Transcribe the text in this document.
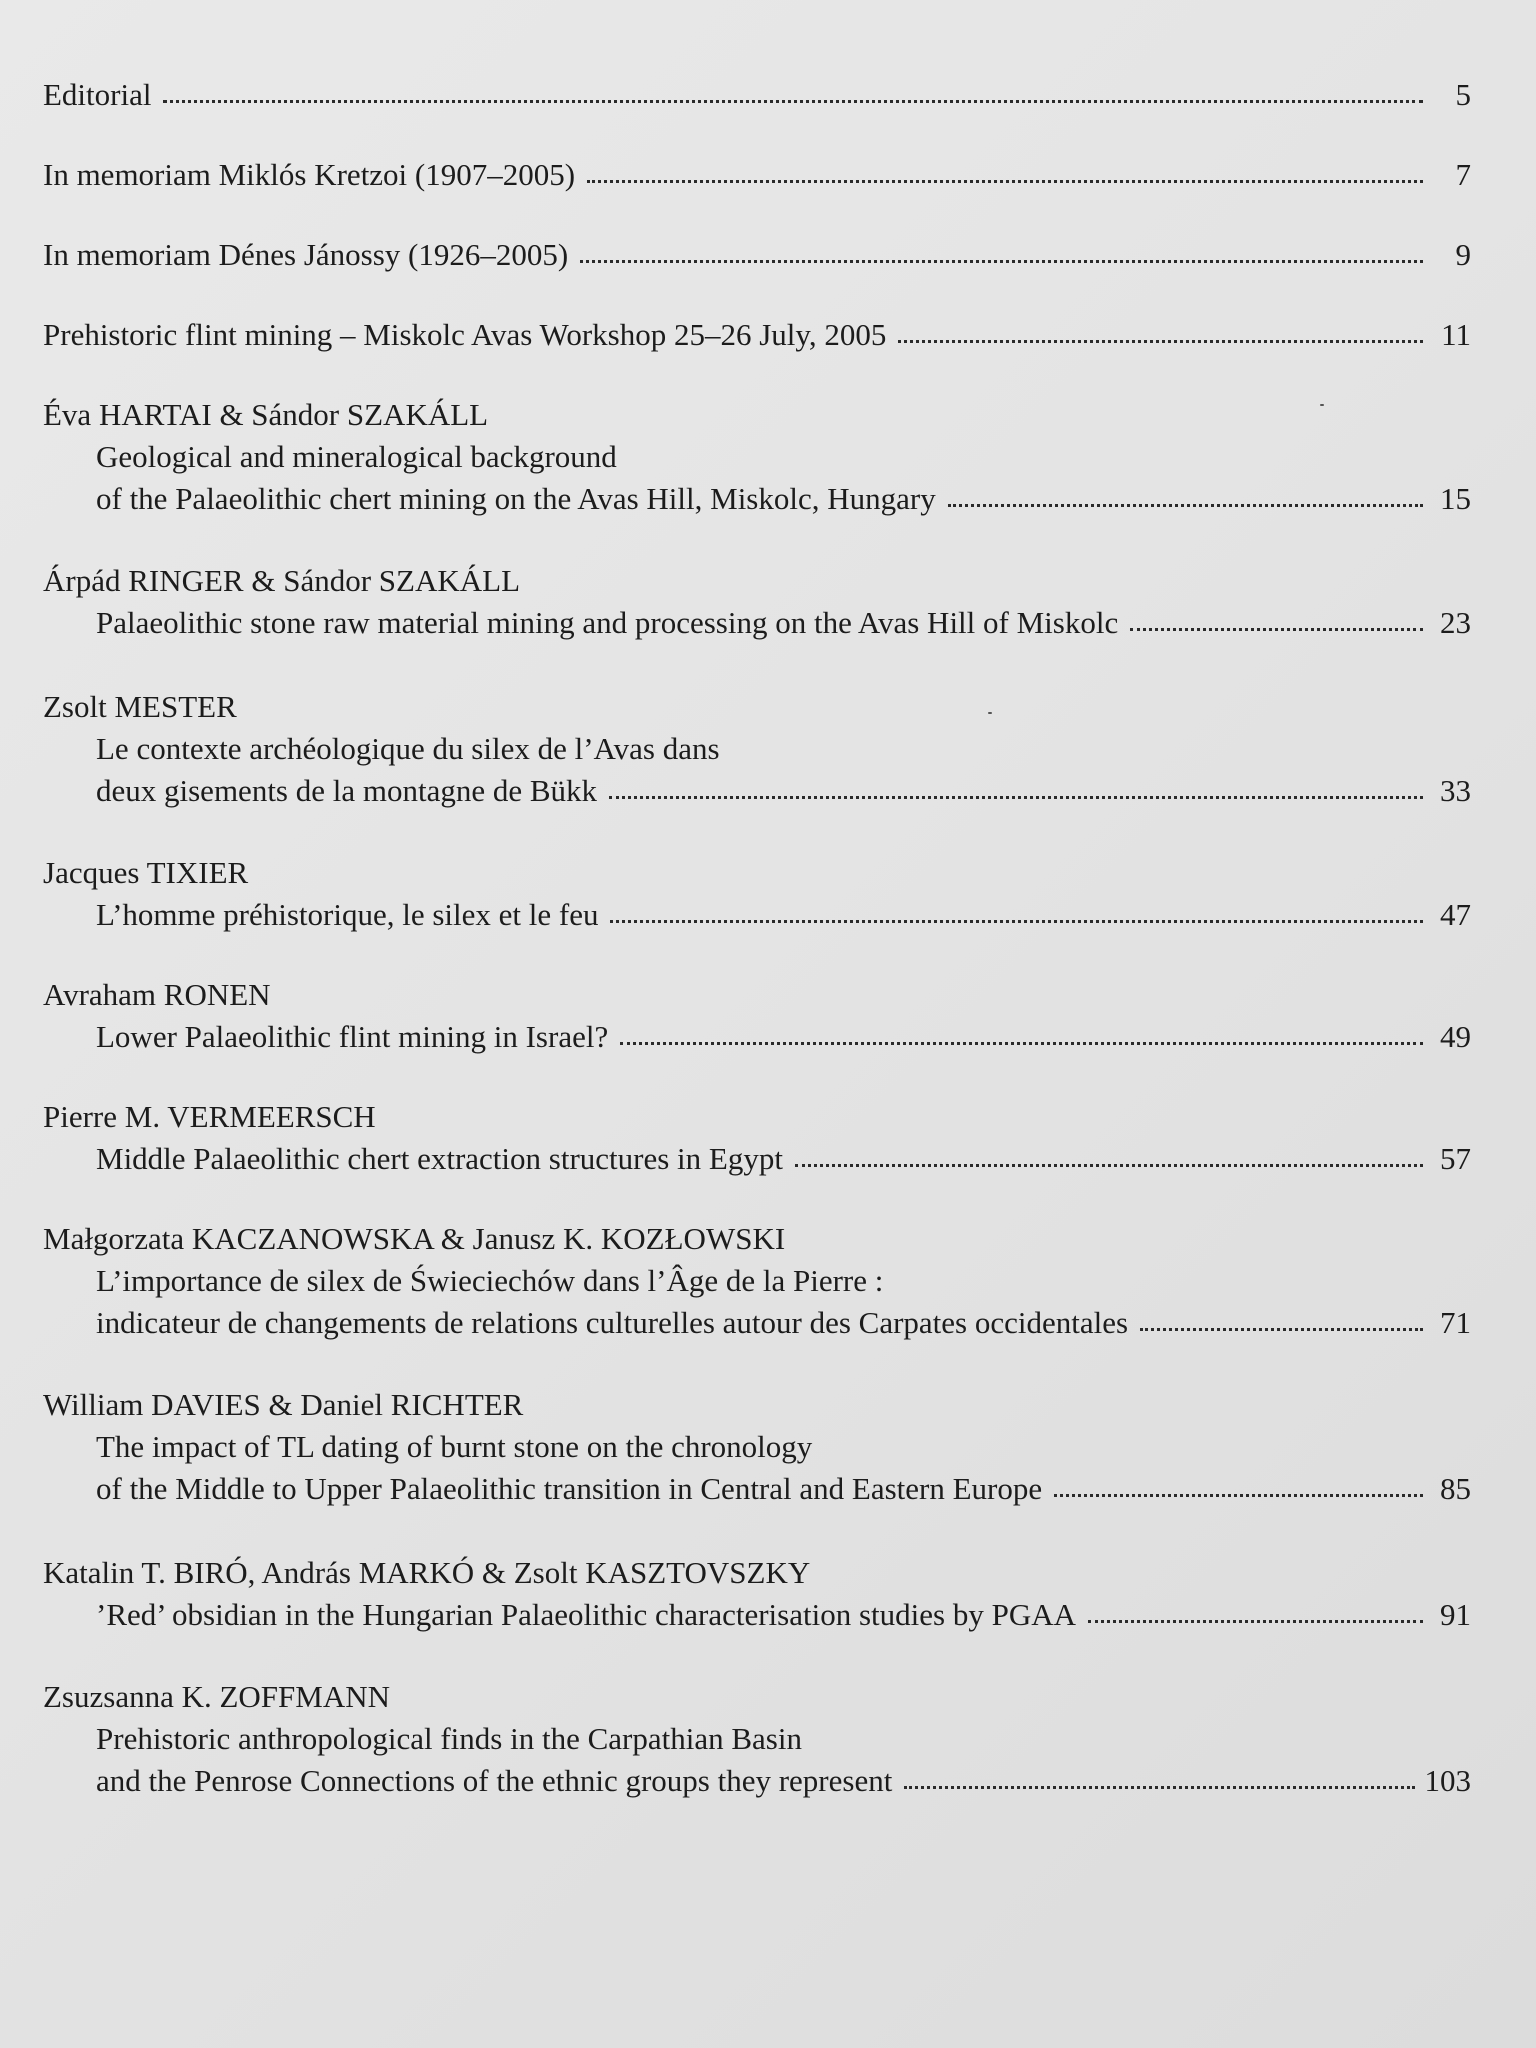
Editorial	5
In memoriam Miklós Kretzoi (1907–2005)	7
In memoriam Dénes Jánossy (1926–2005)	9
Prehistoric flint mining – Miskolc Avas Workshop 25–26 July, 2005	11
Éva HARTAI & Sándor SZAKÁLL
Geological and mineralogical background
of the Palaeolithic chert mining on the Avas Hill, Miskolc, Hungary	15
Árpád RINGER & Sándor SZAKÁLL
Palaeolithic stone raw material mining and processing on the Avas Hill of Miskolc	23
Zsolt MESTER
Le contexte archéologique du silex de l’Avas dans
deux gisements de la montagne de Bükk	33
Jacques TIXIER
L’homme préhistorique, le silex et le feu	47
Avraham RONEN
Lower Palaeolithic flint mining in Israel?	49
Pierre M. VERMEERSCH
Middle Palaeolithic chert extraction structures in Egypt	57
Małgorzata KACZANOWSKA & Janusz K. KOZŁOWSKI
L’importance de silex de Świeciechów dans l’Âge de la Pierre :
indicateur de changements de relations culturelles autour des Carpates occidentales	71
William DAVIES & Daniel RICHTER
The impact of TL dating of burnt stone on the chronology
of the Middle to Upper Palaeolithic transition in Central and Eastern Europe	85
Katalin T. BIRÓ, András MARKÓ & Zsolt KASZTOVSZKY
’Red’ obsidian in the Hungarian Palaeolithic characterisation studies by PGAA	91
Zsuzsanna K. ZOFFMANN
Prehistoric anthropological finds in the Carpathian Basin
and the Penrose Connections of the ethnic groups they represent	103
